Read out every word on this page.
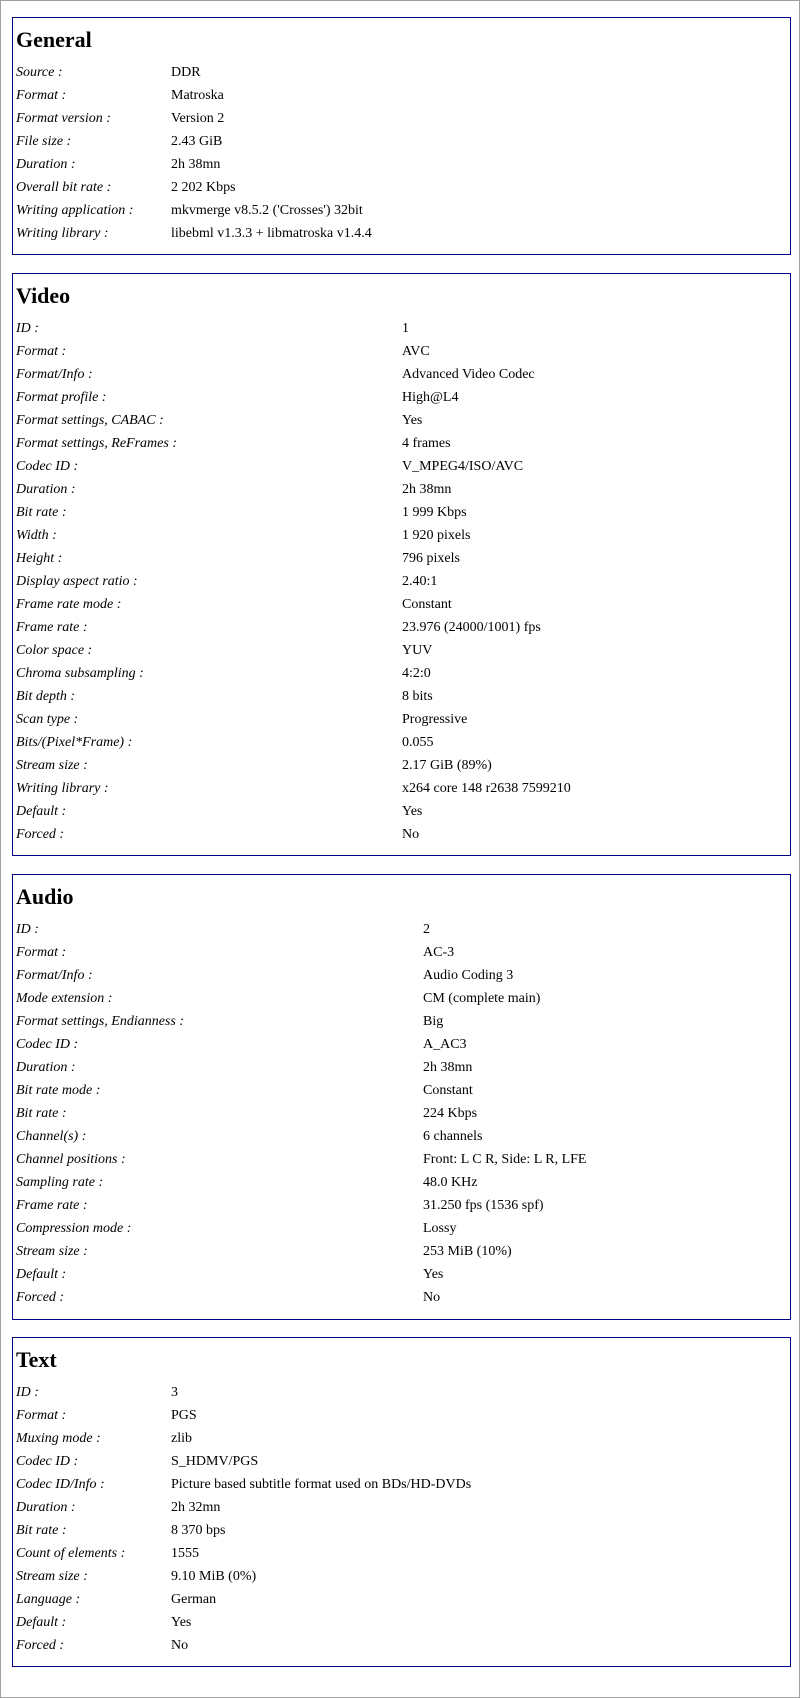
General
Source :	DDR
Format :	Matroska
Format version :	Version 2
File size :	2.43 GiB
Duration :	2h 38mn
Overall bit rate :	2 202 Kbps
Writing application :	mkvmerge v8.5.2 ('Crosses') 32bit
Writing library :	libebml v1.3.3 + libmatroska v1.4.4
Video
ID :	1
Format :	AVC
Format/Info :	Advanced Video Codec
Format profile :	High@L4
Format settings, CABAC :	Yes
Format settings, ReFrames :	4 frames
Codec ID :	V_MPEG4/ISO/AVC
Duration :	2h 38mn
Bit rate :	1 999 Kbps
Width :	1 920 pixels
Height :	796 pixels
Display aspect ratio :	2.40:1
Frame rate mode :	Constant
Frame rate :	23.976 (24000/1001) fps
Color space :	YUV
Chroma subsampling :	4:2:0
Bit depth :	8 bits
Scan type :	Progressive
Bits/(Pixel*Frame) :	0.055
Stream size :	2.17 GiB (89%)
Writing library :	x264 core 148 r2638 7599210
Default :	Yes
Forced :	No
Audio
ID :	2
Format :	AC-3
Format/Info :	Audio Coding 3
Mode extension :	CM (complete main)
Format settings, Endianness :	Big
Codec ID :	A_AC3
Duration :	2h 38mn
Bit rate mode :	Constant
Bit rate :	224 Kbps
Channel(s) :	6 channels
Channel positions :	Front: L C R, Side: L R, LFE
Sampling rate :	48.0 KHz
Frame rate :	31.250 fps (1536 spf)
Compression mode :	Lossy
Stream size :	253 MiB (10%)
Default :	Yes
Forced :	No
Text
ID :	3
Format :	PGS
Muxing mode :	zlib
Codec ID :	S_HDMV/PGS
Codec ID/Info :	Picture based subtitle format used on BDs/HD-DVDs
Duration :	2h 32mn
Bit rate :	8 370 bps
Count of elements :	1555
Stream size :	9.10 MiB (0%)
Language :	German
Default :	Yes
Forced :	No
